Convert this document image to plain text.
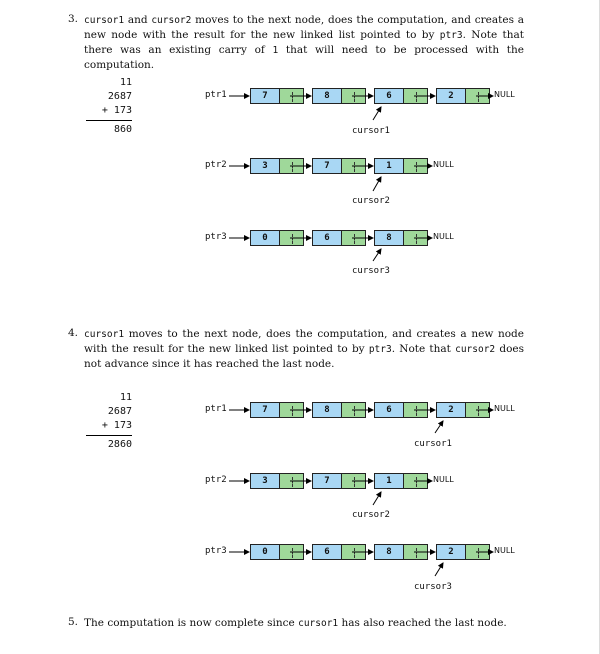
3. cursor1 and cursor2 moves to the next node, does the computation, and creates a new node with the result for the new linked list pointed to by ptr3. Note that there was an existing carry of 1 that will need to be processed with the computation.
11
2687
+ 173
860
ptr1	7	8	6	2	NULL
cursor1
ptr2	3	7	1	NULL
cursor2
ptr3	0	6	8	NULL
cursor3
4. cursor1 moves to the next node, does the computation, and creates a new node with the result for the new linked list pointed to by ptr3. Note that cursor2 does not advance since it has reached the last node.
11
2687
+ 173
2860
ptr1	7	8	6	2	NULL
cursor1
ptr2	3	7	1	NULL
cursor2
ptr3	0	6	8	2	NULL
cursor3
5. The computation is now complete since cursor1 has also reached the last node.
